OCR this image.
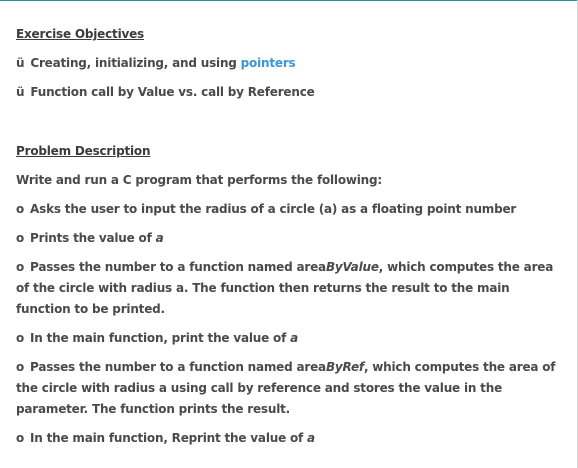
Exercise Objectives
ü Creating, initializing, and using pointers
ü Function call by Value vs. call by Reference
Problem Description
Write and run a C program that performs the following:
o Asks the user to input the radius of a circle (a) as a floating point number
o Prints the value of a
o Passes the number to a function named areaByValue, which computes the area of the circle with radius a. The function then returns the result to the main function to be printed.
o In the main function, print the value of a
o Passes the number to a function named areaByRef, which computes the area of the circle with radius a using call by reference and stores the value in the parameter. The function prints the result.
o In the main function, Reprint the value of a
